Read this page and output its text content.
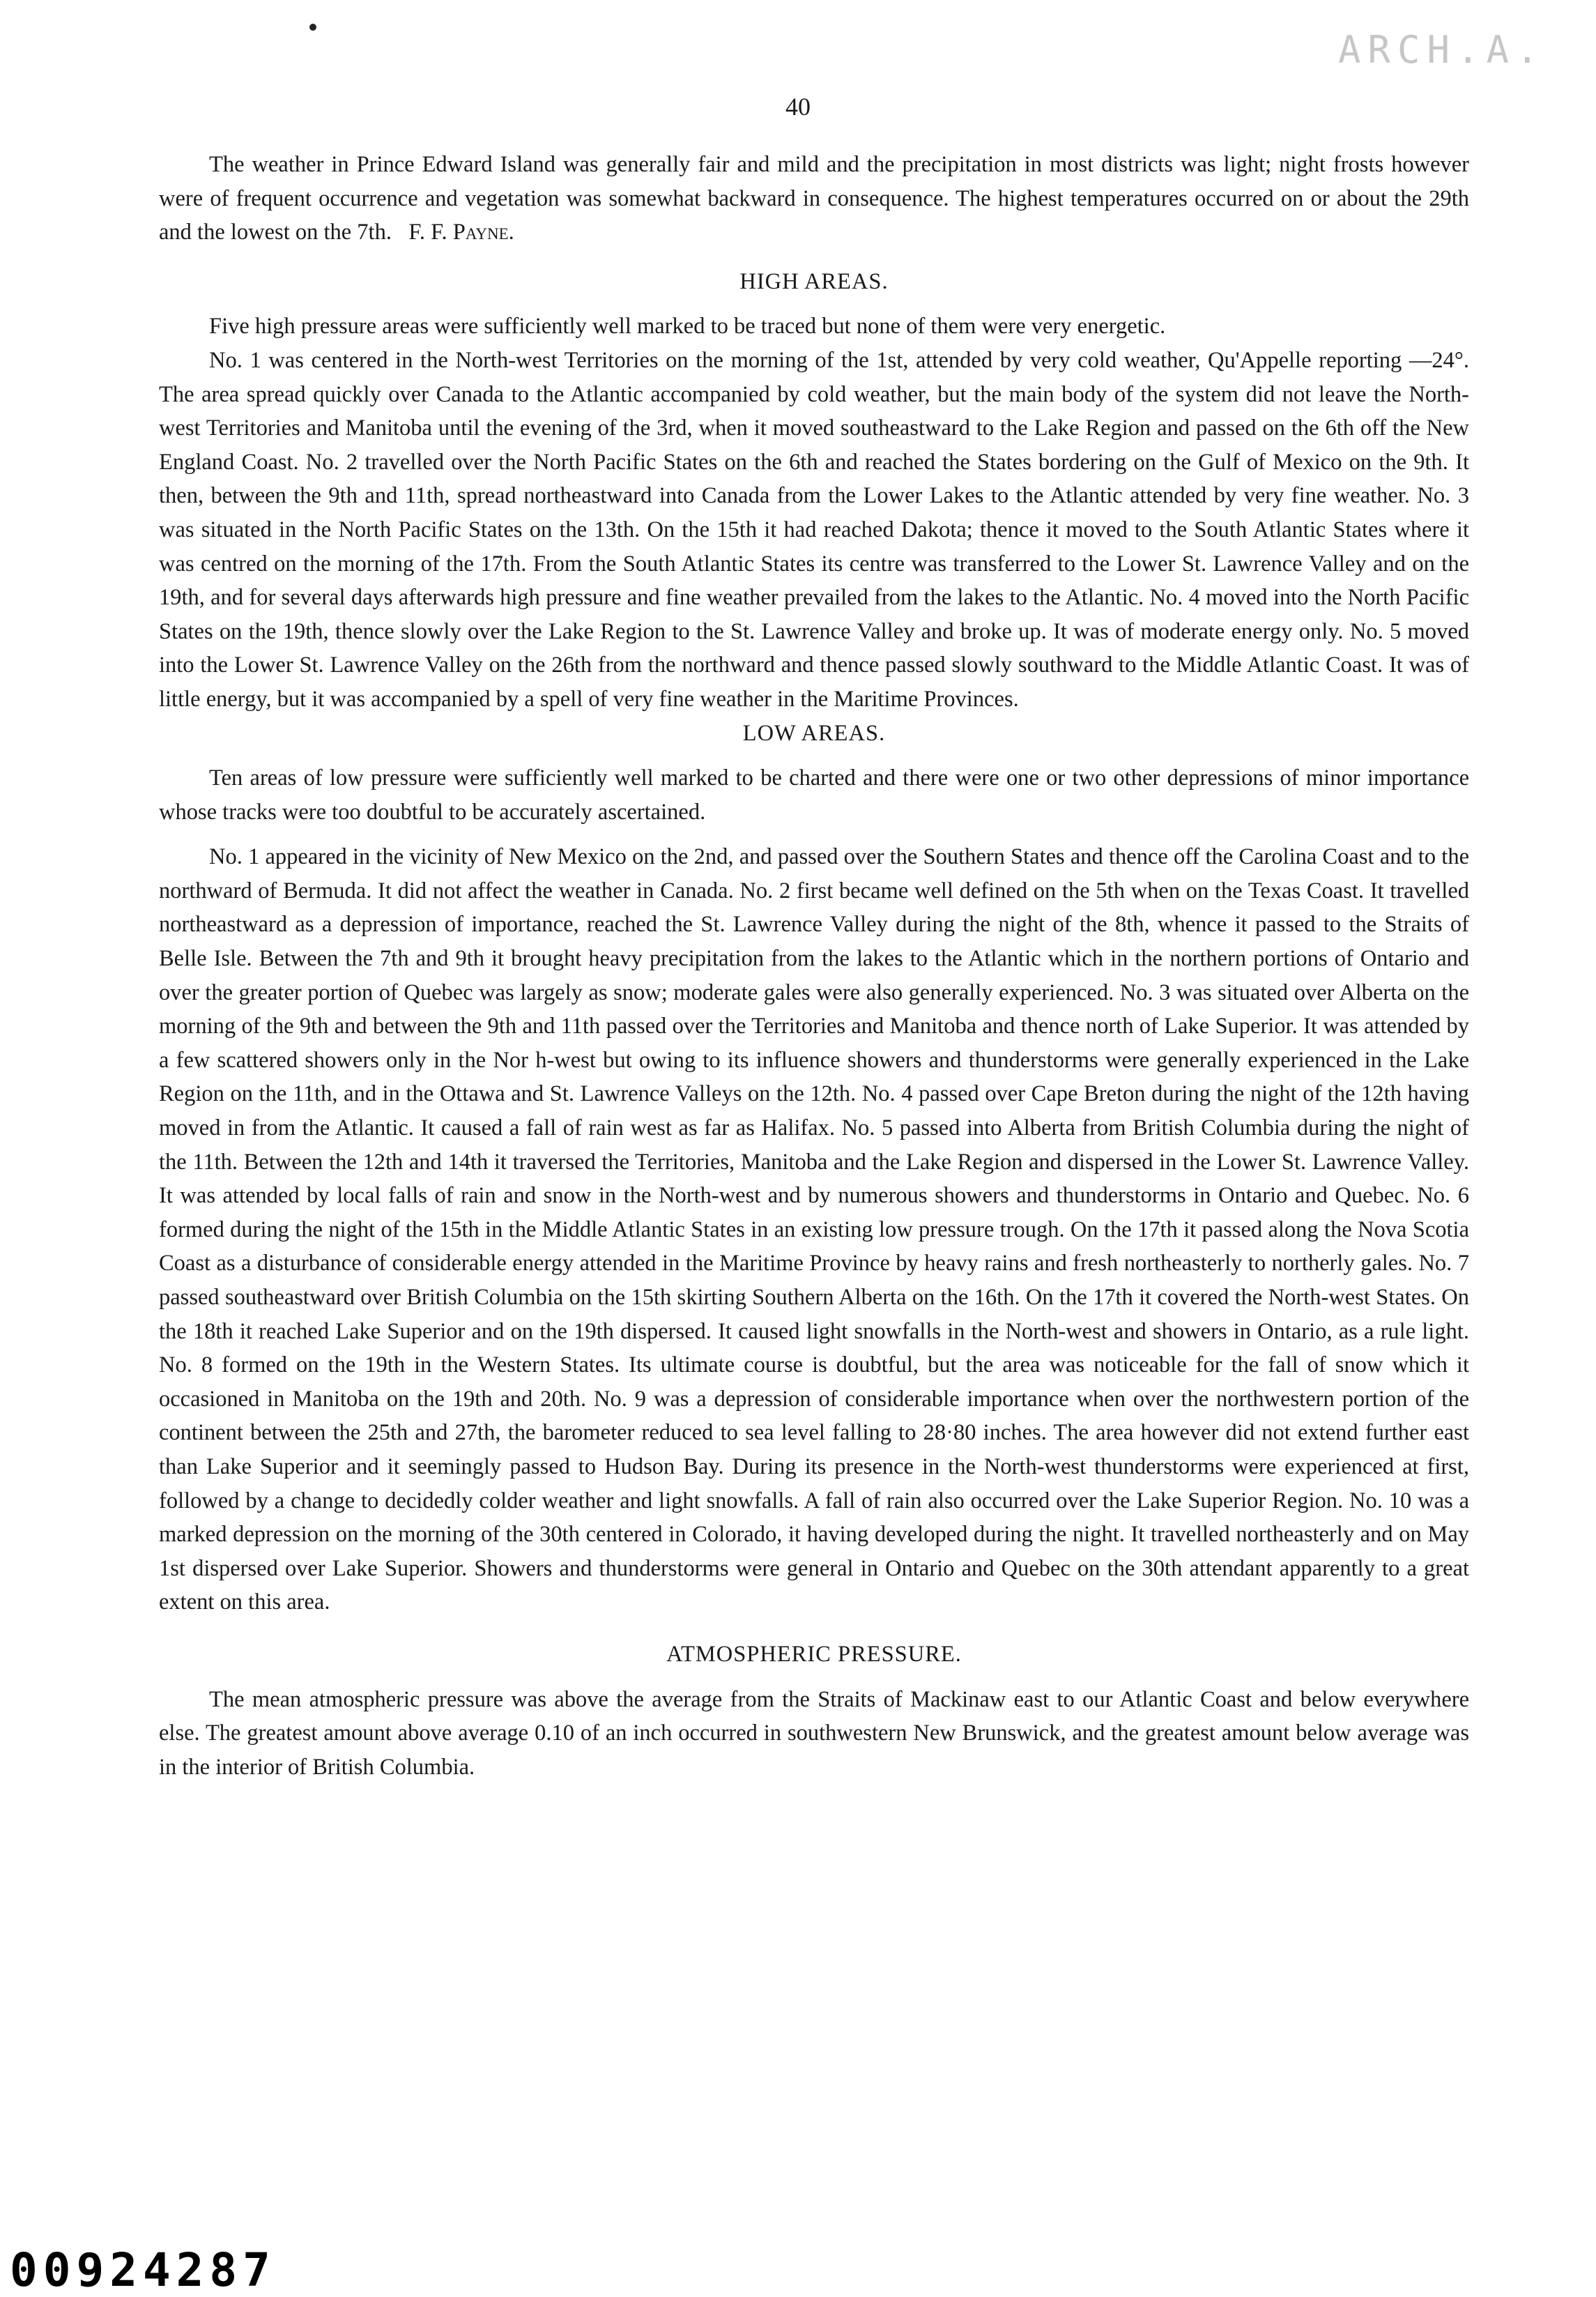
ARCH.A.
40

The weather in Prince Edward Island was generally fair and mild and the precipitation in most districts was light; night frosts however were of frequent occurrence and vegetation was somewhat backward in consequence. The highest temperatures occurred on or about the 29th and the lowest on the 7th. F. F. Payne.

HIGH AREAS.

Five high pressure areas were sufficiently well marked to be traced but none of them were very energetic.

No. 1 was centered in the North-west Territories on the morning of the 1st, attended by very cold weather, Qu'Appelle reporting —24°. The area spread quickly over Canada to the Atlantic accompanied by cold weather, but the main body of the system did not leave the North-west Territories and Manitoba until the evening of the 3rd, when it moved southeastward to the Lake Region and passed on the 6th off the New England Coast. No. 2 travelled over the North Pacific States on the 6th and reached the States bordering on the Gulf of Mexico on the 9th. It then, between the 9th and 11th, spread northeastward into Canada from the Lower Lakes to the Atlantic attended by very fine weather. No. 3 was situated in the North Pacific States on the 13th. On the 15th it had reached Dakota; thence it moved to the South Atlantic States where it was centred on the morning of the 17th. From the South Atlantic States its centre was transferred to the Lower St. Lawrence Valley and on the 19th, and for several days afterwards high pressure and fine weather prevailed from the lakes to the Atlantic. No. 4 moved into the North Pacific States on the 19th, thence slowly over the Lake Region to the St. Lawrence Valley and broke up. It was of moderate energy only. No. 5 moved into the Lower St. Lawrence Valley on the 26th from the northward and thence passed slowly southward to the Middle Atlantic Coast. It was of little energy, but it was accompanied by a spell of very fine weather in the Maritime Provinces.

LOW AREAS.

Ten areas of low pressure were sufficiently well marked to be charted and there were one or two other depressions of minor importance whose tracks were too doubtful to be accurately ascertained.

No. 1 appeared in the vicinity of New Mexico on the 2nd, and passed over the Southern States and thence off the Carolina Coast and to the northward of Bermuda. It did not affect the weather in Canada. No. 2 first became well defined on the 5th when on the Texas Coast. It travelled northeastward as a depression of importance, reached the St. Lawrence Valley during the night of the 8th, whence it passed to the Straits of Belle Isle. Between the 7th and 9th it brought heavy precipitation from the lakes to the Atlantic which in the northern portions of Ontario and over the greater portion of Quebec was largely as snow; moderate gales were also generally experienced. No. 3 was situated over Alberta on the morning of the 9th and between the 9th and 11th passed over the Territories and Manitoba and thence north of Lake Superior. It was attended by a few scattered showers only in the Nor h-west but owing to its influence showers and thunderstorms were generally experienced in the Lake Region on the 11th, and in the Ottawa and St. Lawrence Valleys on the 12th. No. 4 passed over Cape Breton during the night of the 12th having moved in from the Atlantic. It caused a fall of rain west as far as Halifax. No. 5 passed into Alberta from British Columbia during the night of the 11th. Between the 12th and 14th it traversed the Territories, Manitoba and the Lake Region and dispersed in the Lower St. Lawrence Valley. It was attended by local falls of rain and snow in the North-west and by numerous showers and thunderstorms in Ontario and Quebec. No. 6 formed during the night of the 15th in the Middle Atlantic States in an existing low pressure trough. On the 17th it passed along the Nova Scotia Coast as a disturbance of considerable energy attended in the Maritime Province by heavy rains and fresh northeasterly to northerly gales. No. 7 passed southeastward over British Columbia on the 15th skirting Southern Alberta on the 16th. On the 17th it covered the North-west States. On the 18th it reached Lake Superior and on the 19th dispersed. It caused light snowfalls in the North-west and showers in Ontario, as a rule light. No. 8 formed on the 19th in the Western States. Its ultimate course is doubtful, but the area was noticeable for the fall of snow which it occasioned in Manitoba on the 19th and 20th. No. 9 was a depression of considerable importance when over the northwestern portion of the continent between the 25th and 27th, the barometer reduced to sea level falling to 28·80 inches. The area however did not extend further east than Lake Superior and it seemingly passed to Hudson Bay. During its presence in the North-west thunderstorms were experienced at first, followed by a change to decidedly colder weather and light snowfalls. A fall of rain also occurred over the Lake Superior Region. No. 10 was a marked depression on the morning of the 30th centered in Colorado, it having developed during the night. It travelled northeasterly and on May 1st dispersed over Lake Superior. Showers and thunderstorms were general in Ontario and Quebec on the 30th attendant apparently to a great extent on this area.

ATMOSPHERIC PRESSURE.

The mean atmospheric pressure was above the average from the Straits of Mackinaw east to our Atlantic Coast and below everywhere else. The greatest amount above average 0.10 of an inch occurred in southwestern New Brunswick, and the greatest amount below average was in the interior of British Columbia.

00924287
